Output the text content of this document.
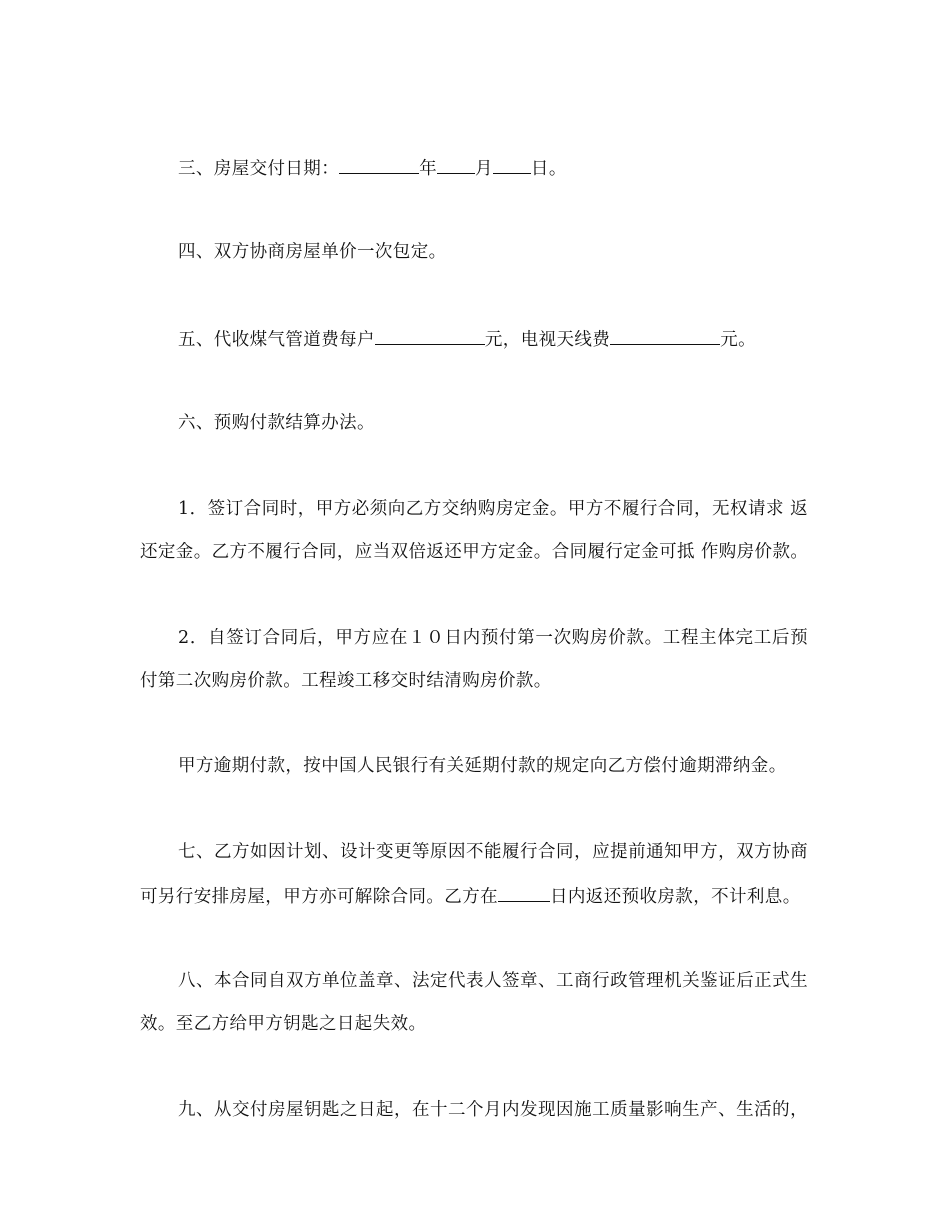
三、房屋交付日期：	年 月 日。
四、双方协商房屋单价一次包定。
五、代收煤气管道费每户	元，电视天线费	元。
六、预购付款结算办法。
1．签订合同时，甲方必须向乙方交纳购房定金。甲方不履行合同，无权请求 返
还定金。乙方不履行合同，应当双倍返还甲方定金。合同履行定金可抵 作购房价款。
2．自签订合同后，甲方应在１０日内预付第一次购房价款。工程主体完工后预
付第二次购房价款。工程竣工移交时结清购房价款。
甲方逾期付款，按中国人民银行有关延期付款的规定向乙方偿付逾期滞纳金。
七、乙方如因计划、设计变更等原因不能履行合同，应提前通知甲方，双方协商
可另行安排房屋，甲方亦可解除合同。乙方在	日内返还预收房款，不计利息。
八、本合同自双方单位盖章、法定代表人签章、工商行政管理机关鉴证后正式生
效。至乙方给甲方钥匙之日起失效。
九、从交付房屋钥匙之日起，在十二个月内发现因施工质量影响生产、生活的，
